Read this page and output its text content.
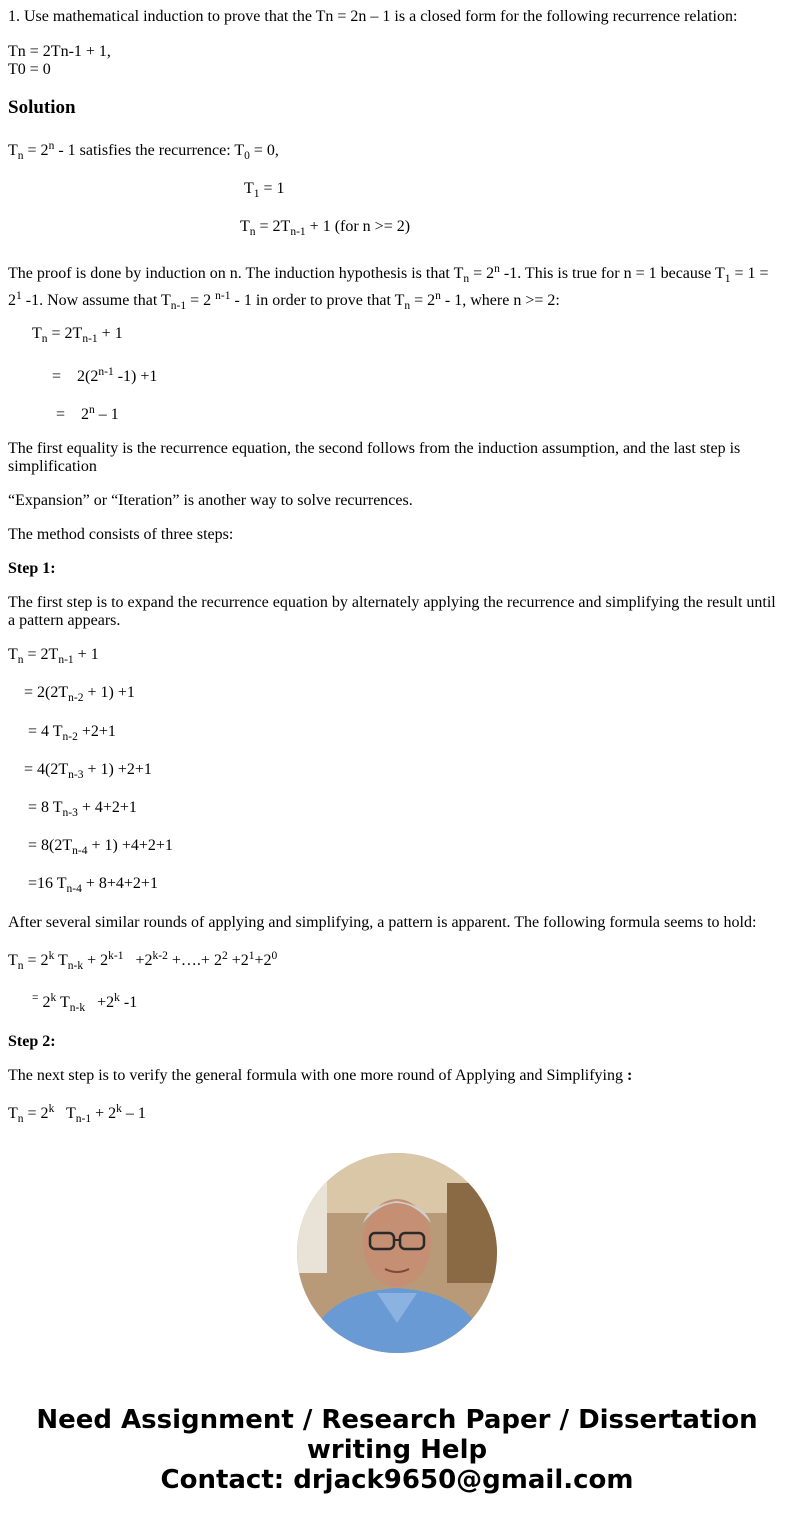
1. Use mathematical induction to prove that the Tn = 2n – 1 is a closed form for the following recurrence relation:

Tn = 2Tn-1 + 1,

T0 = 0

Solution

$T_n = 2^n - 1$ satisfies the recurrence: $T_0 = 0$,

$T_1 = 1$

$T_n = 2T_{n-1} + 1$ (for n >= 2)

The proof is done by induction on n. The induction hypothesis is that $T_n = 2^n$ -1. This is true for n = 1 because $T_1 = 1 = 2^1$ -1. Now assume that $T_{n-1} = 2$ $^{n-1}$ - 1 in order to prove that $T_n = 2^n - 1$, where n >= 2:

$T_n = 2T_{n-1} + 1$

=    2(2$^{n-1}$ -1) +1

=    2$^n$ – 1

The first equality is the recurrence equation, the second follows from the induction assumption, and the last step is simplification

“Expansion” or “Iteration” is another way to solve recurrences.

The method consists of three steps:

Step 1:

The first step is to expand the recurrence equation by alternately applying the recurrence and simplifying the result until a pattern appears.

$T_n = 2T_{n-1} + 1$

= $2(2T_{n-2} + 1) +1$

= 4 $T_{n-2} +2+1$

= $4(2T_{n-3} + 1) +2+1$

= 8 $T_{n-3} + 4+2+1$

= $8(2T_{n-4} + 1) +4+2+1$

=16 $T_{n-4} + 8+4+2+1$

After several similar rounds of applying and simplifying, a pattern is apparent. The following formula seems to hold:

$T_n = 2^k$ $T_{n-k} + 2^{k-1} +2^{k-2}$ +….+ $2^2 +2^1+2^0$

= 2$^k$ $T_{n-k} +2^k$ -1

Step 2:

The next step is to verify the general formula with one more round of Applying and Simplifying :

$T_n = 2^k$   $T_{n-1} + 2^k - 1$

Need Assignment / Research Paper / Dissertation
writing Help
Contact: drjack9650@gmail.com
